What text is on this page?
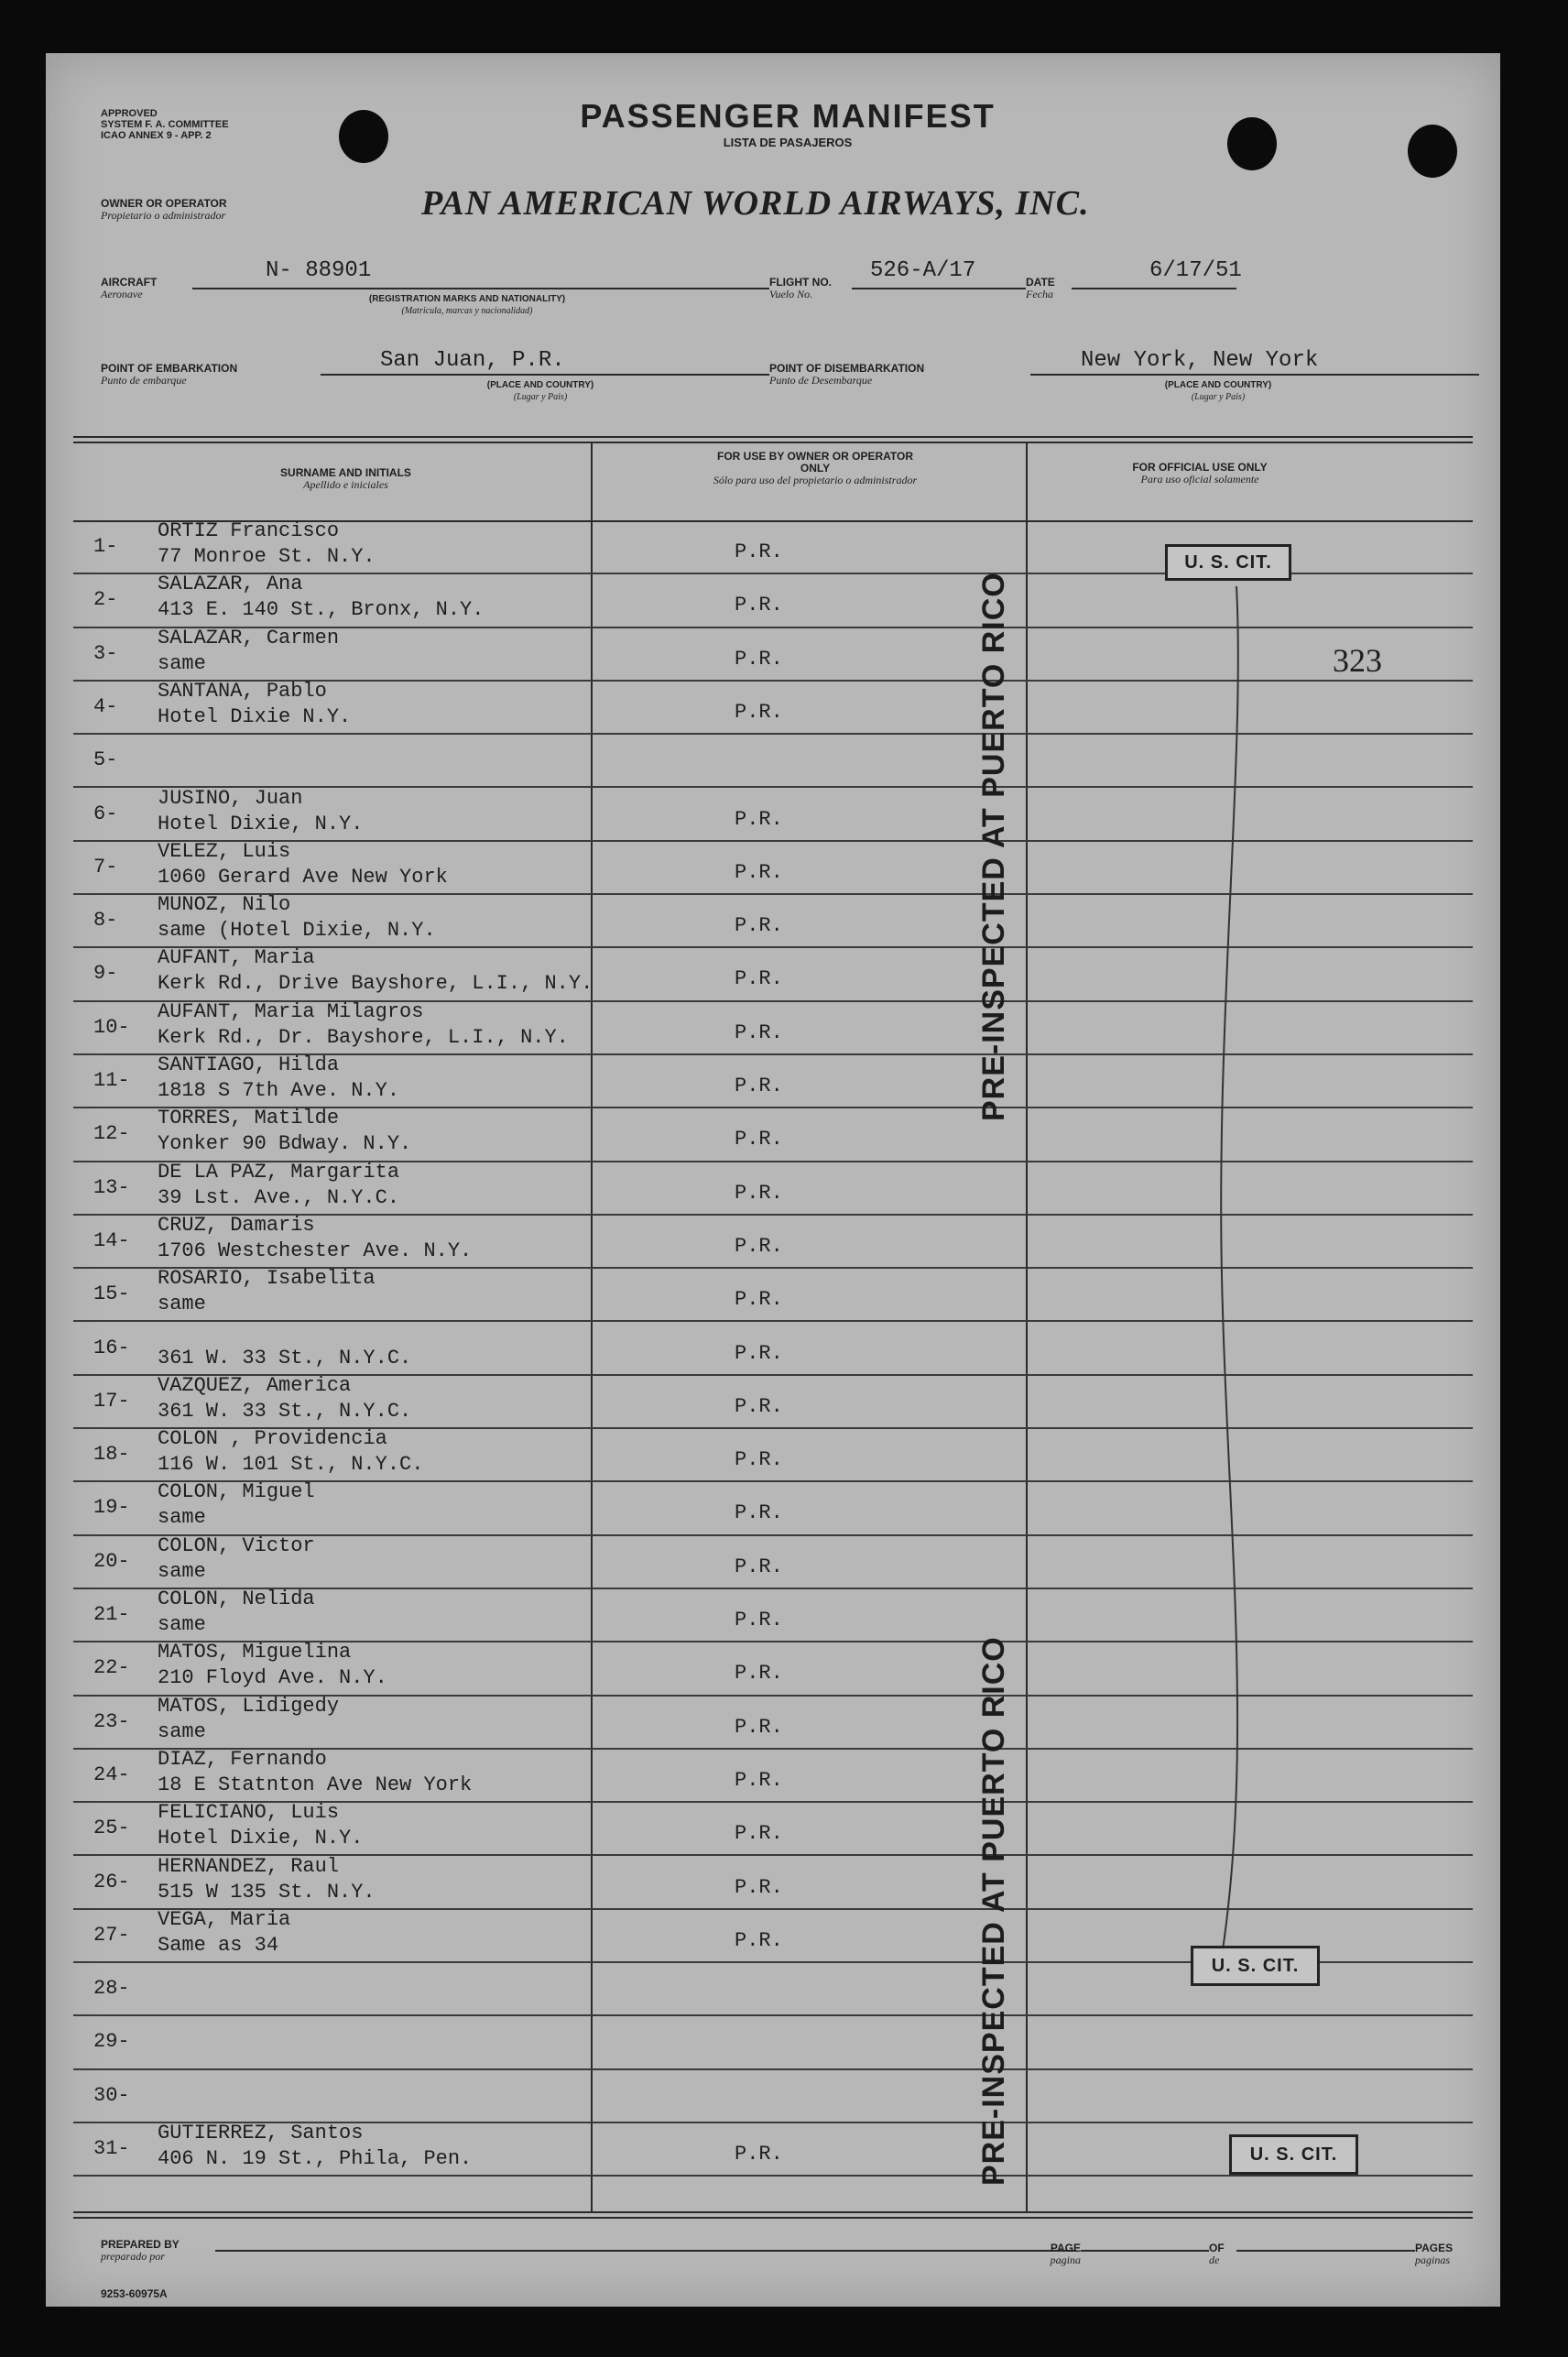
APPROVED
SYSTEM F. A. COMMITTEE
ICAO ANNEX 9 - APP. 2
PASSENGER MANIFEST
LISTA DE PASAJEROS
OWNER OR OPERATOR
Propietario o administrador	PAN AMERICAN WORLD AIRWAYS, INC.
AIRCRAFT
Aeronave
N- 88901
(REGISTRATION MARKS AND NATIONALITY)
(Matricula, marcas y nacionalidad)
FLIGHT NO.
Vuelo No.
526-A/17	DATE
Fecha
6/17/51
POINT OF EMBARKATION
Punto de embarque
San Juan, P.R.
(PLACE AND COUNTRY)
(Lugar y Pais)
POINT OF DISEMBARKATION
Punto de Desembarque
New York, New York
(PLACE AND COUNTRY)
(Lugar y Pais)
SURNAME AND INITIALS
Apellido e iniciales
FOR USE BY OWNER OR OPERATOR ONLY
Sólo para uso del propietario o administrador
FOR OFFICIAL USE ONLY
Para uso oficial solamente
1-
ORTIZ Francisco
77 Monroe St. N.Y.	P.R.
2-
SALAZAR, Ana
413 E. 140 St., Bronx, N.Y.	P.R.
3-
SALAZAR, Carmen
same	P.R.
4-
SANTANA, Pablo
Hotel Dixie N.Y.	P.R.
5-
6-
JUSINO, Juan
Hotel Dixie, N.Y.	P.R.
7-
VELEZ, Luis
1060 Gerard Ave New York	P.R.
8-
MUNOZ, Nilo
same (Hotel Dixie, N.Y.	P.R.
9-
AUFANT, Maria
Kerk Rd., Drive Bayshore, L.I., N.Y.	P.R.
10-
AUFANT, Maria Milagros
Kerk Rd., Dr. Bayshore, L.I., N.Y.	P.R.
11-
SANTIAGO, Hilda
1818 S 7th Ave. N.Y.	P.R.
12-
TORRES, Matilde
Yonker 90 Bdway. N.Y.	P.R.
13-
DE LA PAZ, Margarita
39 Lst. Ave., N.Y.C.	P.R.
14-
CRUZ, Damaris
1706 Westchester Ave. N.Y.	P.R.
15-
ROSARIO, Isabelita
same	P.R.
16- 361 W. 33 St., N.Y.C.	P.R.
17-
VAZQUEZ, America
361 W. 33 St., N.Y.C.	P.R.
18-
COLON , Providencia
116 W. 101 St., N.Y.C.	P.R.
19-
COLON, Miguel
same	P.R.
20-
COLON, Victor
same	P.R.
21-
COLON, Nelida
same	P.R.
22-
MATOS, Miguelina
210 Floyd Ave. N.Y.	P.R.
23-
MATOS, Lidigedy
same	P.R.
24-
DIAZ, Fernando
18 E Statnton Ave New York	P.R.
25-
FELICIANO, Luis
Hotel Dixie, N.Y.	P.R.
26-
HERNANDEZ, Raul
515 W 135 St. N.Y.	P.R.
27-
VEGA, Maria
Same as 34	P.R.
28-
29-
30-
31-
GUTIERREZ, Santos
406 N. 19 St., Phila, Pen.	P.R.
U. S. CIT.
323
U. S. CIT.
U. S. CIT.
PRE-INSPECTED AT PUERTO RICO
PRE-INSPECTED AT PUERTO RICO
PREPARED BY
preparado por
PAGE
pagina
OF
de
PAGES
paginas
9253-60975A
